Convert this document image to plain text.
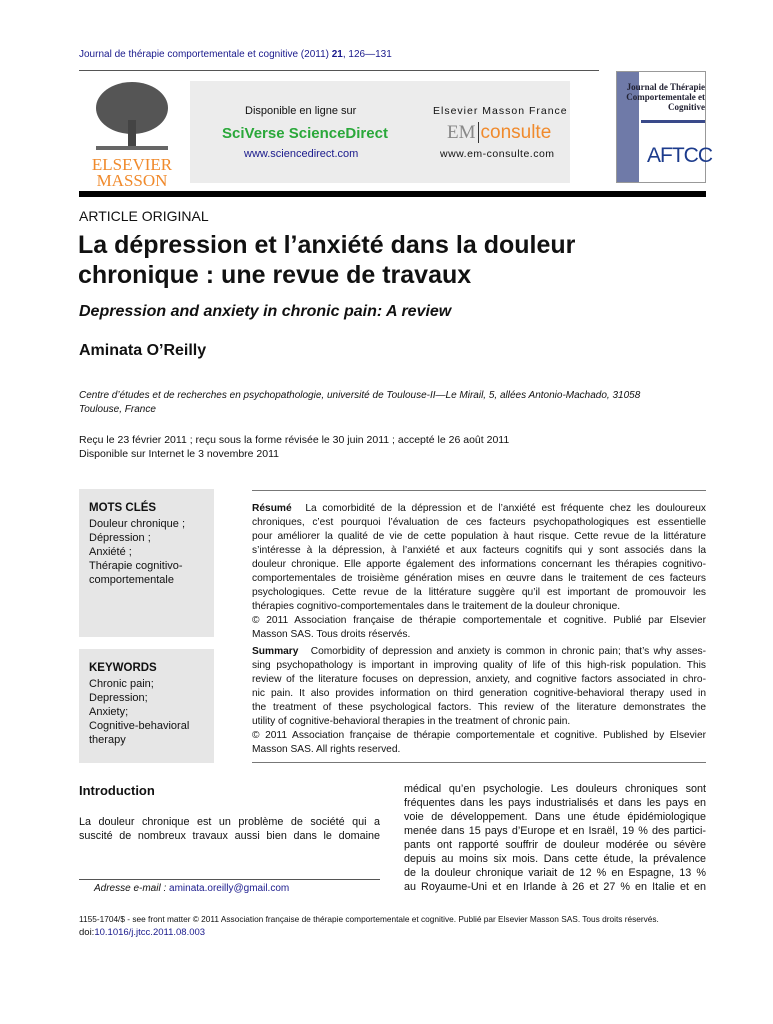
Journal de thérapie comportementale et cognitive (2011) 21, 126—131
ELSEVIER MASSON
Disponible en ligne sur
SciVerse ScienceDirect
www.sciencedirect.com
Elsevier Masson France
EM consulte
www.em-consulte.com
Journal de Thérapie Comportementale et Cognitive
AFTCC
ARTICLE ORIGINAL
La dépression et l’anxiété dans la douleur
chronique : une revue de travaux
Depression and anxiety in chronic pain: A review
Aminata O’Reilly
Centre d’études et de recherches en psychopathologie, université de Toulouse-II—Le Mirail, 5, allées Antonio-Machado, 31058
Toulouse, France
Reçu le 23 février 2011 ; reçu sous la forme révisée le 30 juin 2011 ; accepté le 26 août 2011
Disponible sur Internet le 3 novembre 2011
MOTS CLÉS
Douleur chronique ;
Dépression ;
Anxiété ;
Thérapie cognitivo-
comportementale
KEYWORDS
Chronic pain;
Depression;
Anxiety;
Cognitive-behavioral
therapy
Résumé La comorbidité de la dépression et de l’anxiété est fréquente chez les douloureux
chroniques, c’est pourquoi l’évaluation de ces facteurs psychopathologiques est essentielle
pour améliorer la qualité de vie de cette population à haut risque. Cette revue de la littérature
s’intéresse à la dépression, à l’anxiété et aux facteurs cognitifs qui y sont associés dans la
douleur chronique. Elle apporte également des informations concernant les thérapies cognitivo-
comportementales de troisième génération mises en œuvre dans le traitement de ces facteurs
psychologiques. Cette revue de la littérature suggère qu’il est important de promouvoir les
thérapies cognitivo-comportementales dans le traitement de la douleur chronique.
© 2011 Association française de thérapie comportementale et cognitive. Publié par Elsevier
Masson SAS. Tous droits réservés.
Summary Comorbidity of depression and anxiety is common in chronic pain; that’s why asses-
sing psychopathology is important in improving quality of life of this high-risk population. This
review of the literature focuses on depression, anxiety, and cognitive factors associated in chro-
nic pain. It also provides information on third generation cognitive-behavioral therapy used in
the treatment of these psychological factors. This review of the literature demonstrates the
utility of cognitive-behavioral therapies in the treatment of chronic pain.
© 2011 Association française de thérapie comportementale et cognitive. Published by Elsevier
Masson SAS. All rights reserved.
Introduction
La douleur chronique est un problème de société qui a
suscité de nombreux travaux aussi bien dans le domaine
médical qu’en psychologie. Les douleurs chroniques sont
fréquentes dans les pays industrialisés et dans les pays en
voie de développement. Dans une étude épidémiologique
menée dans 15 pays d’Europe et en Israël, 19 % des partici-
pants ont rapporté souffrir de douleur modérée ou sévère
depuis au moins six mois. Dans cette étude, la prévalence
de la douleur chronique variait de 12 % en Espagne, 13 %
au Royaume-Uni et en Irlande à 26 et 27 % en Italie et en
Adresse e-mail : aminata.oreilly@gmail.com
1155-1704/$ - see front matter © 2011 Association française de thérapie comportementale et cognitive. Publié par Elsevier Masson SAS. Tous droits réservés.
doi:10.1016/j.jtcc.2011.08.003
